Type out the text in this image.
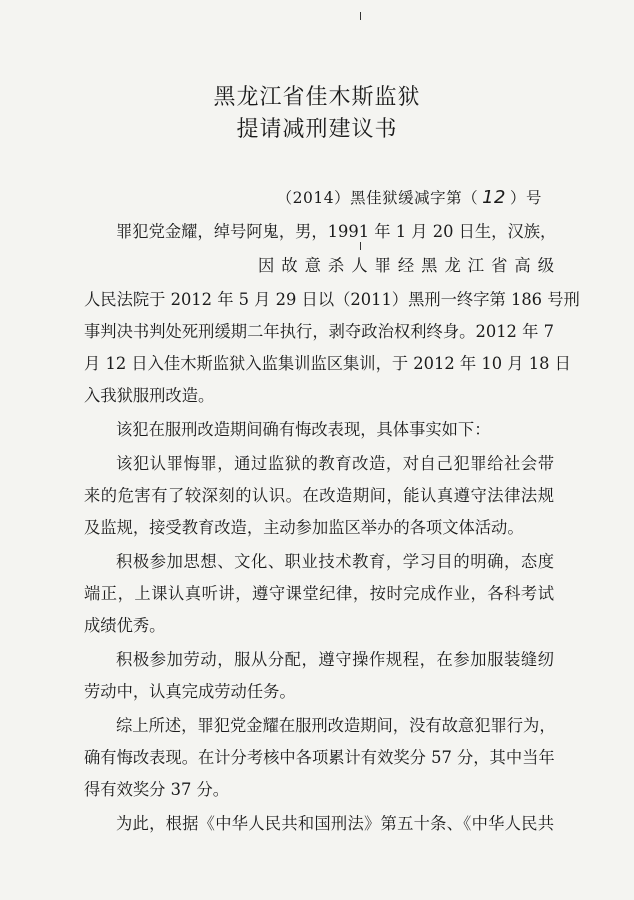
黑龙江省佳木斯监狱
提请减刑建议书
（2014）黑佳狱缓减字第（ 12 ）号
罪犯党金耀，绰号阿鬼，男，1991 年 1 月 20 日生，汉族，
因故意杀人罪经黑龙江省高级
人民法院于 2012 年 5 月 29 日以（2011）黑刑一终字第 186 号刑
事判决书判处死刑缓期二年执行，剥夺政治权利终身。2012 年 7
月 12 日入佳木斯监狱入监集训监区集训，于 2012 年 10 月 18 日
入我狱服刑改造。
该犯在服刑改造期间确有悔改表现，具体事实如下：
该犯认罪悔罪，通过监狱的教育改造，对自己犯罪给社会带
来的危害有了较深刻的认识。在改造期间，能认真遵守法律法规
及监规，接受教育改造，主动参加监区举办的各项文体活动。
积极参加思想、文化、职业技术教育，学习目的明确，态度
端正，上课认真听讲，遵守课堂纪律，按时完成作业，各科考试
成绩优秀。
积极参加劳动，服从分配，遵守操作规程，在参加服装缝纫
劳动中，认真完成劳动任务。
综上所述，罪犯党金耀在服刑改造期间，没有故意犯罪行为，
确有悔改表现。在计分考核中各项累计有效奖分 57 分，其中当年
得有效奖分 37 分。
为此，根据《中华人民共和国刑法》第五十条、《中华人民共
